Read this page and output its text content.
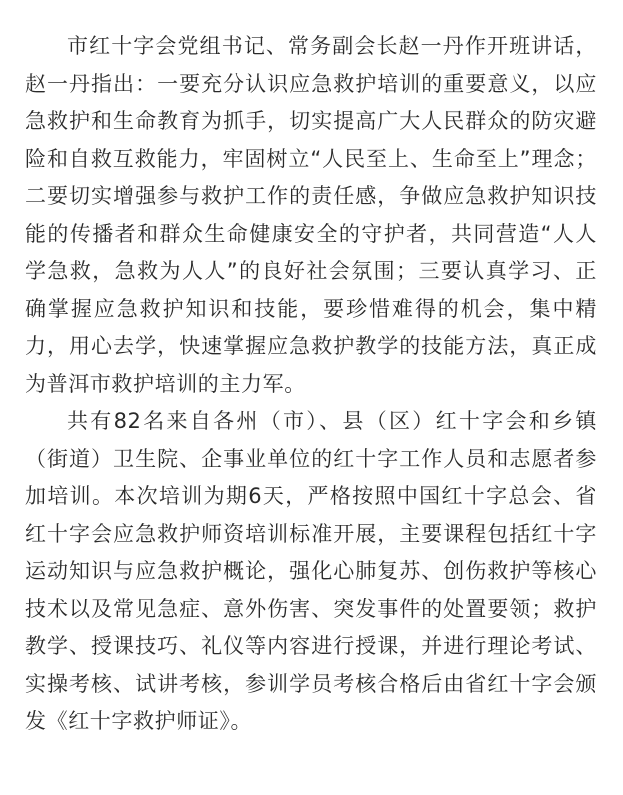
市红十字会党组书记、常务副会长赵一丹作开班讲话，赵一丹指出：一要充分认识应急救护培训的重要意义，以应急救护和生命教育为抓手，切实提高广大人民群众的防灾避险和自救互救能力，牢固树立“人民至上、生命至上”理念；二要切实增强参与救护工作的责任感，争做应急救护知识技能的传播者和群众生命健康安全的守护者，共同营造“人人学急救，急救为人人”的良好社会氛围；三要认真学习、正确掌握应急救护知识和技能，要珍惜难得的机会，集中精力，用心去学，快速掌握应急救护教学的技能方法，真正成为普洱市救护培训的主力军。

共有82名来自各州（市）、县（区）红十字会和乡镇（街道）卫生院、企事业单位的红十字工作人员和志愿者参加培训。本次培训为期6天，严格按照中国红十字总会、省红十字会应急救护师资培训标准开展，主要课程包括红十字运动知识与应急救护概论，强化心肺复苏、创伤救护等核心技术以及常见急症、意外伤害、突发事件的处置要领；救护教学、授课技巧、礼仪等内容进行授课，并进行理论考试、实操考核、试讲考核，参训学员考核合格后由省红十字会颁发《红十字救护师证》。
